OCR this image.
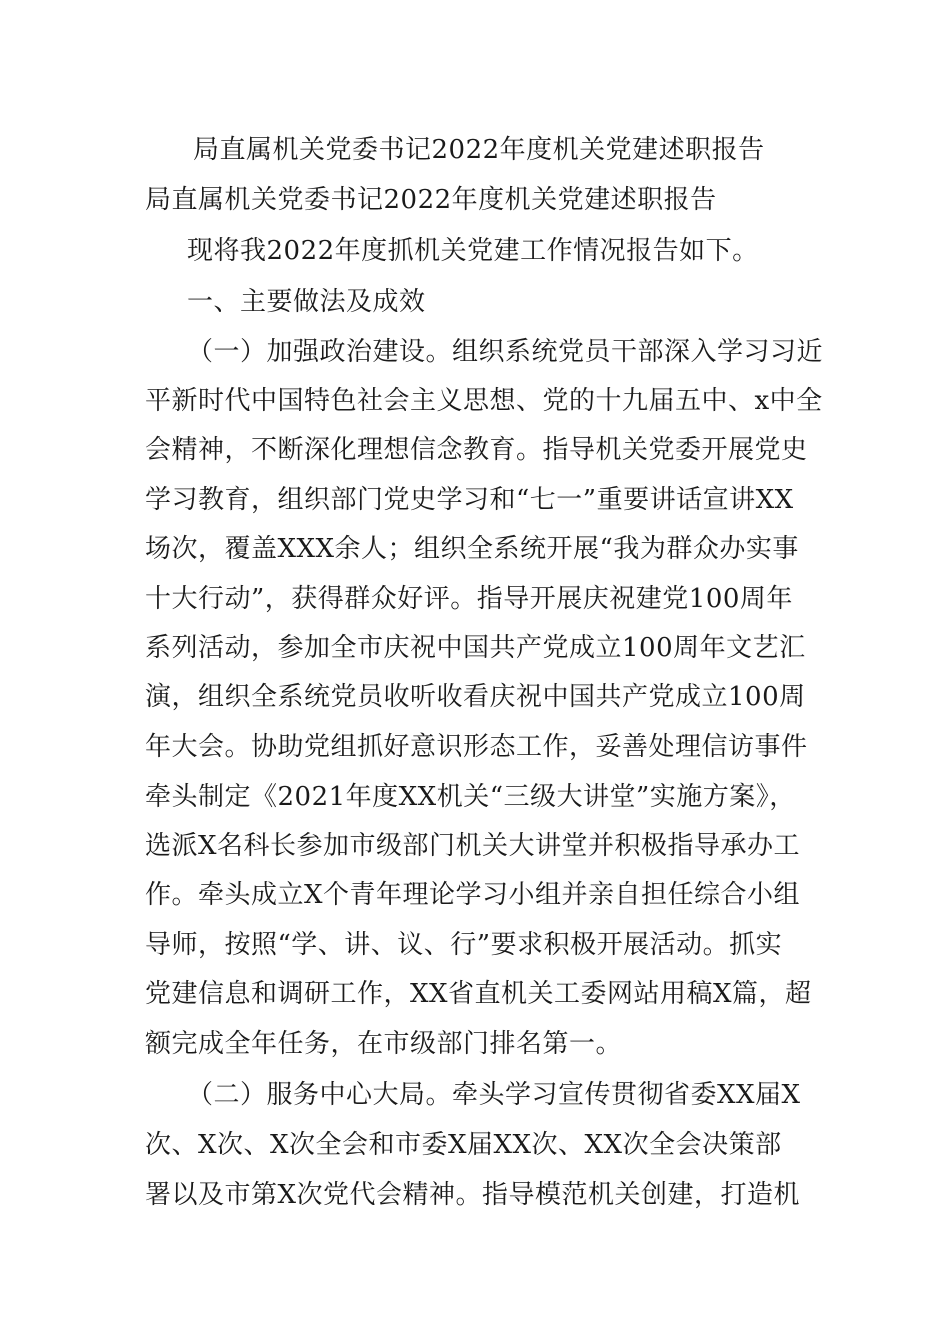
局直属机关党委书记2022年度机关党建述职报告
局直属机关党委书记2022年度机关党建述职报告
现将我2022年度抓机关党建工作情况报告如下。
一、主要做法及成效
（一）加强政治建设。组织系统党员干部深入学习习近
平新时代中国特色社会主义思想、党的十九届五中、x中全
会精神，不断深化理想信念教育。指导机关党委开展党史
学习教育，组织部门党史学习和“七一”重要讲话宣讲XX
场次，覆盖XXX余人；组织全系统开展“我为群众办实事
十大行动”，获得群众好评。指导开展庆祝建党100周年
系列活动，参加全市庆祝中国共产党成立100周年文艺汇
演，组织全系统党员收听收看庆祝中国共产党成立100周
年大会。协助党组抓好意识形态工作，妥善处理信访事件
牵头制定《2021年度XX机关“三级大讲堂”实施方案》，
选派X名科长参加市级部门机关大讲堂并积极指导承办工
作。牵头成立X个青年理论学习小组并亲自担任综合小组
导师，按照“学、讲、议、行”要求积极开展活动。抓实
党建信息和调研工作，XX省直机关工委网站用稿X篇，超
额完成全年任务，在市级部门排名第一。
（二）服务中心大局。牵头学习宣传贯彻省委XX届X
次、X次、X次全会和市委X届XX次、XX次全会决策部
署以及市第X次党代会精神。指导模范机关创建，打造机
